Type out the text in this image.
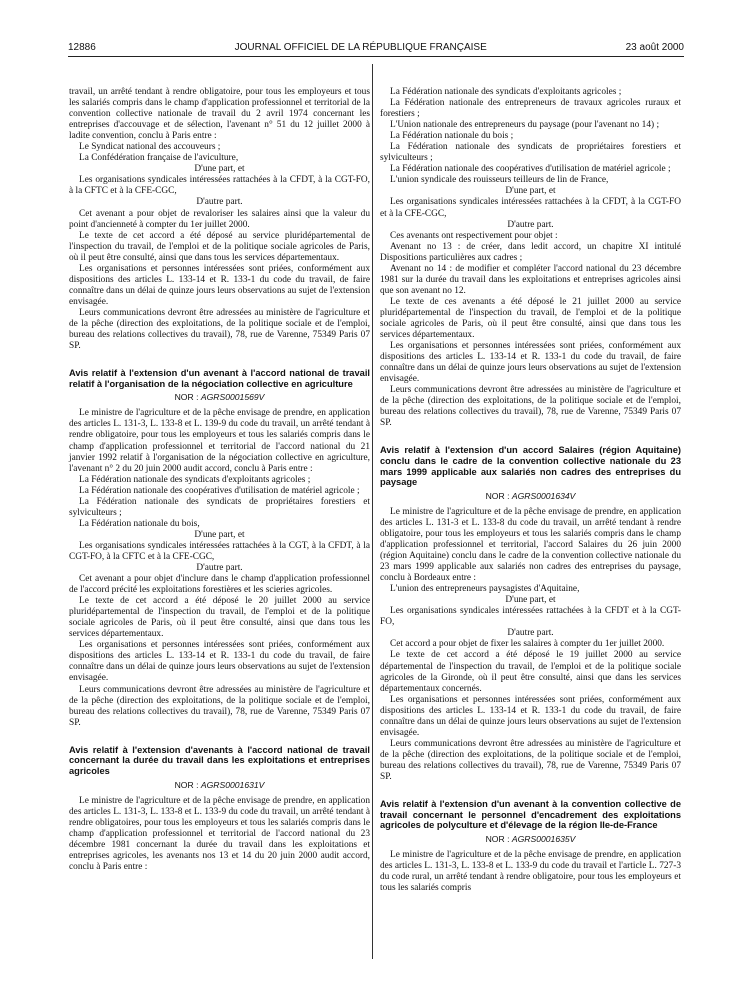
12886	JOURNAL OFFICIEL DE LA RÉPUBLIQUE FRANÇAISE	23 août 2000

travail, un arrêté tendant à rendre obligatoire, pour tous les employeurs et tous les salariés compris dans le champ d'application professionnel et territorial de la convention collective nationale de travail du 2 avril 1974 concernant les entreprises d'accouvage et de sélection, l'avenant n° 51 du 12 juillet 2000 à ladite convention, conclu à Paris entre :

Le Syndicat national des accouveurs ;

La Confédération française de l'aviculture,

D'une part, et

Les organisations syndicales intéressées rattachées à la CFDT, à la CGT-FO, à la CFTC et à la CFE-CGC,

D'autre part.

Cet avenant a pour objet de revaloriser les salaires ainsi que la valeur du point d'ancienneté à compter du 1er juillet 2000.

Le texte de cet accord a été déposé au service pluridépartemental de l'inspection du travail, de l'emploi et de la politique sociale agricoles de Paris, où il peut être consulté, ainsi que dans tous les services départementaux.

Les organisations et personnes intéressées sont priées, conformément aux dispositions des articles L. 133-14 et R. 133-1 du code du travail, de faire connaître dans un délai de quinze jours leurs observations au sujet de l'extension envisagée.

Leurs communications devront être adressées au ministère de l'agriculture et de la pêche (direction des exploitations, de la politique sociale et de l'emploi, bureau des relations collectives du travail), 78, rue de Varenne, 75349 Paris 07 SP.

Avis relatif à l'extension d'un avenant à l'accord national de travail relatif à l'organisation de la négociation collective en agriculture
NOR : AGRS0001569V

Le ministre de l'agriculture et de la pêche envisage de prendre, en application des articles L. 131-3, L. 133-8 et L. 139-9 du code du travail, un arrêté tendant à rendre obligatoire, pour tous les employeurs et tous les salariés compris dans le champ d'application professionnel et territorial de l'accord national du 21 janvier 1992 relatif à l'organisation de la négociation collective en agriculture, l'avenant n° 2 du 20 juin 2000 audit accord, conclu à Paris entre :

La Fédération nationale des syndicats d'exploitants agricoles ;

La Fédération nationale des coopératives d'utilisation de matériel agricole ;

La Fédération nationale des syndicats de propriétaires forestiers et sylviculteurs ;

La Fédération nationale du bois,

D'une part, et

Les organisations syndicales intéressées rattachées à la CGT, à la CFDT, à la CGT-FO, à la CFTC et à la CFE-CGC,

D'autre part.

Cet avenant a pour objet d'inclure dans le champ d'application professionnel de l'accord précité les exploitations forestières et les scieries agricoles.

Le texte de cet accord a été déposé le 20 juillet 2000 au service pluridépartemental de l'inspection du travail, de l'emploi et de la politique sociale agricoles de Paris, où il peut être consulté, ainsi que dans tous les services départementaux.

Les organisations et personnes intéressées sont priées, conformément aux dispositions des articles L. 133-14 et R. 133-1 du code du travail, de faire connaître dans un délai de quinze jours leurs observations au sujet de l'extension envisagée.

Leurs communications devront être adressées au ministère de l'agriculture et de la pêche (direction des exploitations, de la politique sociale et de l'emploi, bureau des relations collectives du travail), 78, rue de Varenne, 75349 Paris 07 SP.

Avis relatif à l'extension d'avenants à l'accord national de travail concernant la durée du travail dans les exploitations et entreprises agricoles
NOR : AGRS0001631V

Le ministre de l'agriculture et de la pêche envisage de prendre, en application des articles L. 131-3, L. 133-8 et L. 133-9 du code du travail, un arrêté tendant à rendre obligatoires, pour tous les employeurs et tous les salariés compris dans le champ d'application professionnel et territorial de l'accord national du 23 décembre 1981 concernant la durée du travail dans les exploitations et entreprises agricoles, les avenants nos 13 et 14 du 20 juin 2000 audit accord, conclu à Paris entre :

La Fédération nationale des syndicats d'exploitants agricoles ;

La Fédération nationale des entrepreneurs de travaux agricoles ruraux et forestiers ;

L'Union nationale des entrepreneurs du paysage (pour l'avenant no 14) ;

La Fédération nationale du bois ;

La Fédération nationale des syndicats de propriétaires forestiers et sylviculteurs ;

La Fédération nationale des coopératives d'utilisation de matériel agricole ;

L'union syndicale des rouisseurs teilleurs de lin de France,

D'une part, et

Les organisations syndicales intéressées rattachées à la CFDT, à la CGT-FO et à la CFE-CGC,

D'autre part.

Ces avenants ont respectivement pour objet :

Avenant no 13 : de créer, dans ledit accord, un chapitre XI intitulé Dispositions particulières aux cadres ;

Avenant no 14 : de modifier et compléter l'accord national du 23 décembre 1981 sur la durée du travail dans les exploitations et entreprises agricoles ainsi que son avenant no 12.

Le texte de ces avenants a été déposé le 21 juillet 2000 au service pluridépartemental de l'inspection du travail, de l'emploi et de la politique sociale agricoles de Paris, où il peut être consulté, ainsi que dans tous les services départementaux.

Les organisations et personnes intéressées sont priées, conformément aux dispositions des articles L. 133-14 et R. 133-1 du code du travail, de faire connaître dans un délai de quinze jours leurs observations au sujet de l'extension envisagée.

Leurs communications devront être adressées au ministère de l'agriculture et de la pêche (direction des exploitations, de la politique sociale et de l'emploi, bureau des relations collectives du travail), 78, rue de Varenne, 75349 Paris 07 SP.

Avis relatif à l'extension d'un accord Salaires (région Aquitaine) conclu dans le cadre de la convention collective nationale du 23 mars 1999 applicable aux salariés non cadres des entreprises du paysage
NOR : AGRS0001634V

Le ministre de l'agriculture et de la pêche envisage de prendre, en application des articles L. 131-3 et L. 133-8 du code du travail, un arrêté tendant à rendre obligatoire, pour tous les employeurs et tous les salariés compris dans le champ d'application professionnel et territorial, l'accord Salaires du 26 juin 2000 (région Aquitaine) conclu dans le cadre de la convention collective nationale du 23 mars 1999 applicable aux salariés non cadres des entreprises du paysage, conclu à Bordeaux entre :

L'union des entrepreneurs paysagistes d'Aquitaine,

D'une part, et

Les organisations syndicales intéressées rattachées à la CFDT et à la CGT-FO,

D'autre part.

Cet accord a pour objet de fixer les salaires à compter du 1er juillet 2000.

Le texte de cet accord a été déposé le 19 juillet 2000 au service départemental de l'inspection du travail, de l'emploi et de la politique sociale agricoles de la Gironde, où il peut être consulté, ainsi que dans les services départementaux concernés.

Les organisations et personnes intéressées sont priées, conformément aux dispositions des articles L. 133-14 et R. 133-1 du code du travail, de faire connaître dans un délai de quinze jours leurs observations au sujet de l'extension envisagée.

Leurs communications devront être adressées au ministère de l'agriculture et de la pêche (direction des exploitations, de la politique sociale et de l'emploi, bureau des relations collectives du travail), 78, rue de Varenne, 75349 Paris 07 SP.

Avis relatif à l'extension d'un avenant à la convention collective de travail concernant le personnel d'encadrement des exploitations agricoles de polyculture et d'élevage de la région Ile-de-France
NOR : AGRS0001635V

Le ministre de l'agriculture et de la pêche envisage de prendre, en application des articles L. 131-3, L. 133-8 et L. 133-9 du code du travail et l'article L. 727-3 du code rural, un arrêté tendant à rendre obligatoire, pour tous les employeurs et tous les salariés compris
